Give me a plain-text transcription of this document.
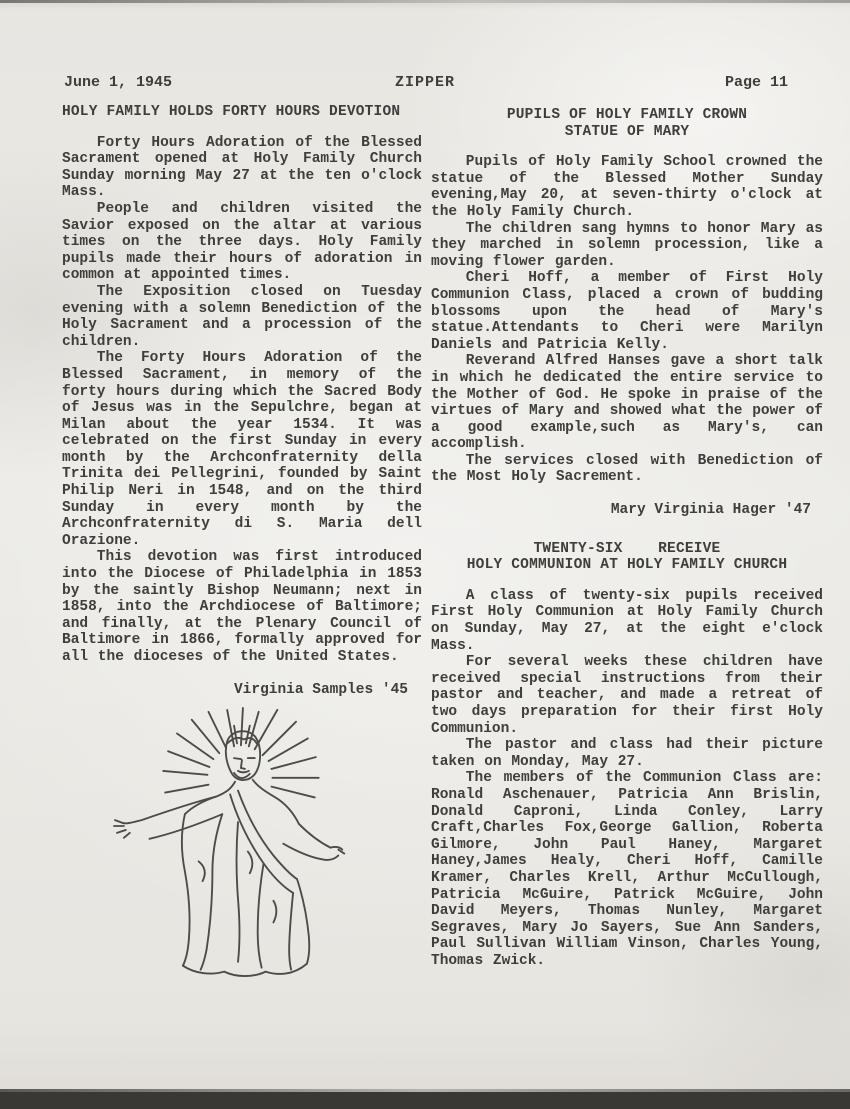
June 1, 1945	ZIPPER	Page 11
HOLY FAMILY HOLDS FORTY HOURS DEVOTION

Forty Hours Adoration of the Blessed Sacrament opened at Holy Family Church Sunday morning May 27 at the ten o'clock Mass.

People and children visited the Savior exposed on the altar at various times on the three days. Holy Family pupils made their hours of adoration in common at appointed times.

The Exposition closed on Tuesday evening with a solemn Benediction of the Holy Sacrament and a procession of the children.

The Forty Hours Adoration of the Blessed Sacrament, in memory of the forty hours during which the Sacred Body of Jesus was in the Sepulchre, began at Milan about the year 1534. It was celebrated on the first Sunday in every month by the Archconfraternity della Trinita dei Pellegrini, founded by Saint Philip Neri in 1548, and on the third Sunday in every month by the Archconfraternity di S. Maria dell Orazione.

This devotion was first introduced into the Diocese of Philadelphia in 1853 by the saintly Bishop Neumann; next in 1858, into the Archdiocese of Baltimore; and finally, at the Plenary Council of Baltimore in 1866, formally approved for all the dioceses of the United States.

Virginia Samples '45
PUPILS OF HOLY FAMILY CROWN
STATUE OF MARY

Pupils of Holy Family School crowned the statue of the Blessed Mother Sunday evening,May 20, at seven-thirty o'clock at the Holy Family Church.

The children sang hymns to honor Mary as they marched in solemn procession, like a moving flower garden.

Cheri Hoff, a member of First Holy Communion Class, placed a crown of budding blossoms upon the head of Mary's statue.Attendants to Cheri were Marilyn Daniels and Patricia Kelly.

Reverand Alfred Hanses gave a short talk in which he dedicated the entire service to the Mother of God. He spoke in praise of the virtues of Mary and showed what the power of a good example,such as Mary's, can accomplish.

The services closed with Benediction of the Most Holy Sacrement.

Mary Virginia Hager '47
TWENTY-SIX    RECEIVE
HOLY COMMUNION AT HOLY FAMILY CHURCH

A class of twenty-six pupils received First Holy Communion at Holy Family Church on Sunday, May 27, at the eight e'clock Mass.

For several weeks these children have received special instructions from their pastor and teacher, and made a retreat of two days preparation for their first Holy Communion.

The pastor and class had their picture taken on Monday, May 27.

The members of the Communion Class are: Ronald Aschenauer, Patricia Ann Brislin, Donald Caproni, Linda Conley, Larry Craft,Charles Fox,George Gallion, Roberta Gilmore, John Paul Haney, Margaret Haney,James Healy, Cheri Hoff, Camille Kramer, Charles Krell, Arthur McCullough, Patricia McGuire, Patrick McGuire, John David Meyers, Thomas Nunley, Margaret Segraves, Mary Jo Sayers, Sue Ann Sanders, Paul Sullivan William Vinson, Charles Young, Thomas Zwick.
